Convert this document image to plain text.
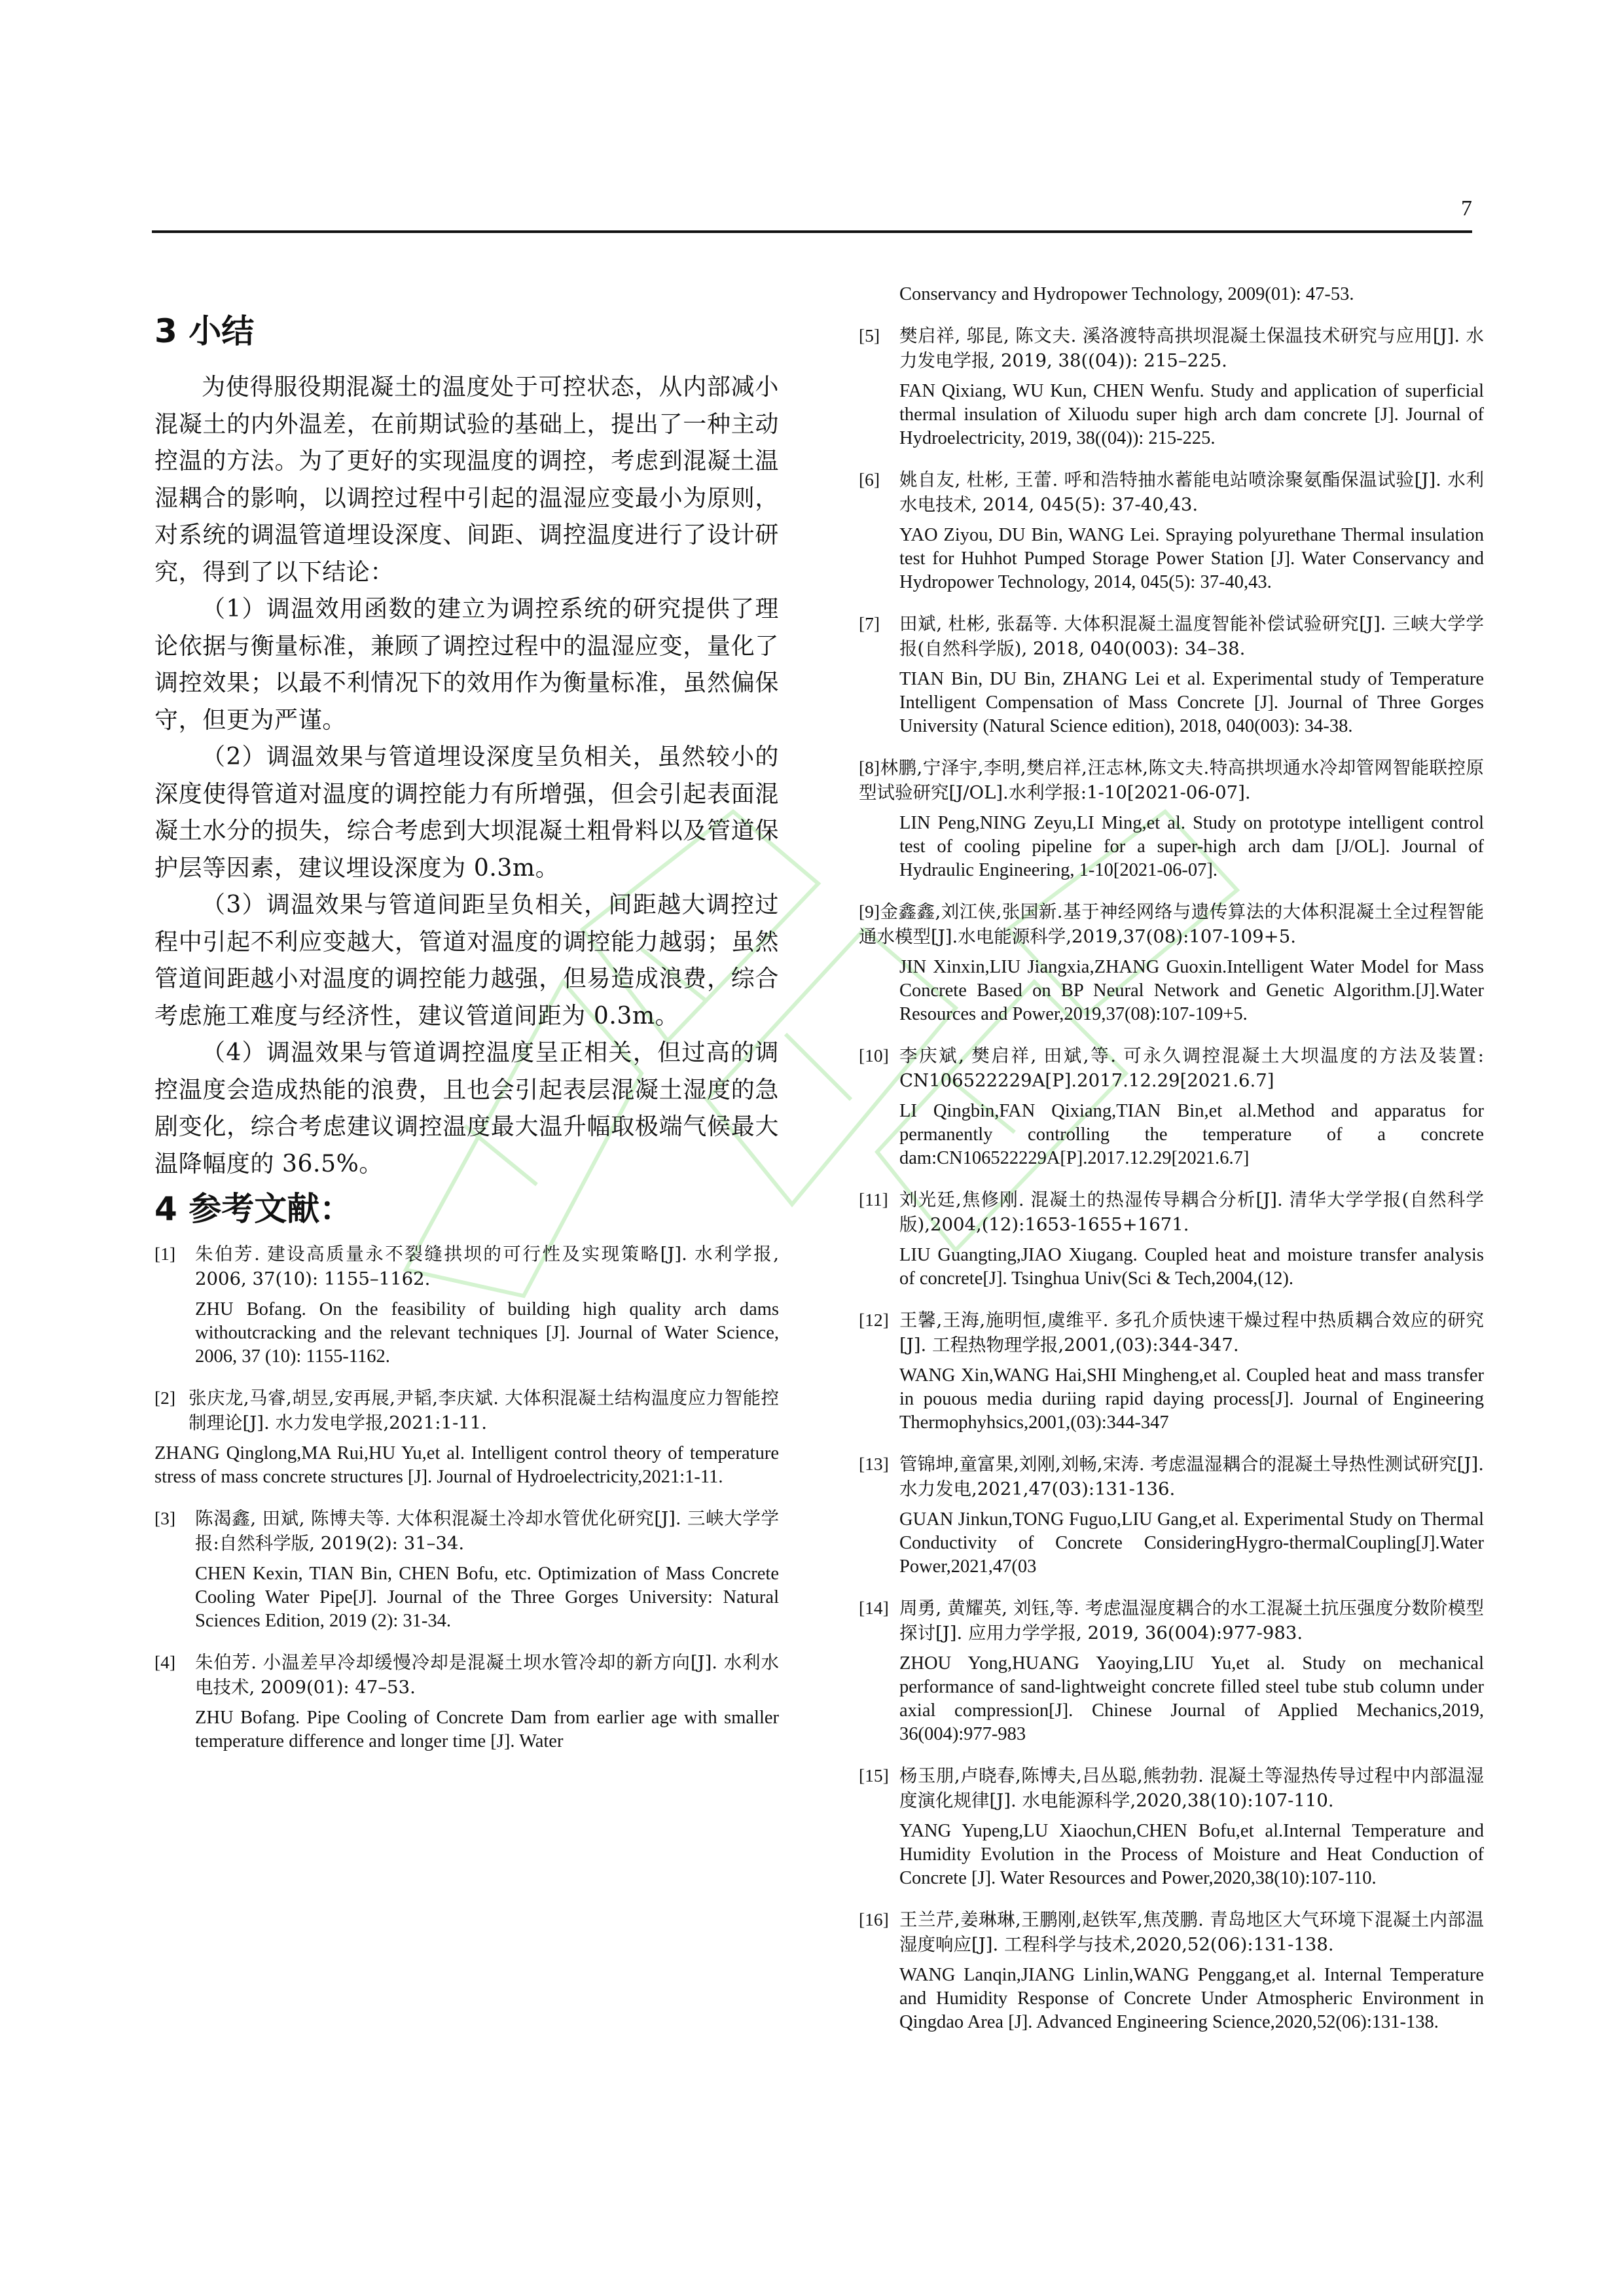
7
3 小结

为使得服役期混凝土的温度处于可控状态，从内部减小混凝土的内外温差，在前期试验的基础上，提出了一种主动控温的方法。为了更好的实现温度的调控，考虑到混凝土温湿耦合的影响，以调控过程中引起的温湿应变最小为原则，对系统的调温管道埋设深度、间距、调控温度进行了设计研究，得到了以下结论：

（1）调温效用函数的建立为调控系统的研究提供了理论依据与衡量标准，兼顾了调控过程中的温湿应变，量化了调控效果；以最不利情况下的效用作为衡量标准，虽然偏保守，但更为严谨。

（2）调温效果与管道埋设深度呈负相关，虽然较小的深度使得管道对温度的调控能力有所增强，但会引起表面混凝土水分的损失，综合考虑到大坝混凝土粗骨料以及管道保护层等因素，建议埋设深度为 0.3m。

（3）调温效果与管道间距呈负相关，间距越大调控过程中引起不利应变越大，管道对温度的调控能力越弱；虽然管道间距越小对温度的调控能力越强，但易造成浪费，综合考虑施工难度与经济性，建议管道间距为 0.3m。

（4）调温效果与管道调控温度呈正相关，但过高的调控温度会造成热能的浪费，且也会引起表层混凝土湿度的急剧变化，综合考虑建议调控温度最大温升幅取极端气候最大温降幅度的 36.5%。

4 参考文献：
[1] 朱伯芳. 建设高质量永不裂缝拱坝的可行性及实现策略[J]. 水利学报, 2006, 37(10): 1155–1162.
ZHU Bofang. On the feasibility of building high quality arch dams withoutcracking and the relevant techniques [J]. Journal of Water Science, 2006, 37 (10): 1155-1162.
[2] 张庆龙,马睿,胡昱,安再展,尹韬,李庆斌. 大体积混凝土结构温度应力智能控制理论[J]. 水力发电学报,2021:1-11.
ZHANG Qinglong,MA Rui,HU Yu,et al. Intelligent control theory of temperature stress of mass concrete structures [J]. Journal of Hydroelectricity,2021:1-11.
[3] 陈渴鑫, 田斌, 陈博夫等. 大体积混凝土冷却水管优化研究[J]. 三峡大学学报:自然科学版, 2019(2): 31–34.
CHEN Kexin, TIAN Bin, CHEN Bofu, etc. Optimization of Mass Concrete Cooling Water Pipe[J]. Journal of the Three Gorges University: Natural Sciences Edition, 2019 (2): 31-34.
[4] 朱伯芳. 小温差早冷却缓慢冷却是混凝土坝水管冷却的新方向[J]. 水利水电技术, 2009(01): 47–53.
ZHU Bofang. Pipe Cooling of Concrete Dam from earlier age with smaller temperature difference and longer time [J]. Water
Conservancy and Hydropower Technology, 2009(01): 47-53.
[5] 樊启祥, 邬昆, 陈文夫. 溪洛渡特高拱坝混凝土保温技术研究与应用[J]. 水力发电学报, 2019, 38((04)): 215–225.
FAN Qixiang, WU Kun, CHEN Wenfu. Study and application of superficial thermal insulation of Xiluodu super high arch dam concrete [J]. Journal of Hydroelectricity, 2019, 38((04)): 215-225.
[6] 姚自友, 杜彬, 王蕾. 呼和浩特抽水蓄能电站喷涂聚氨酯保温试验[J]. 水利水电技术, 2014, 045(5): 37-40,43.
YAO Ziyou, DU Bin, WANG Lei. Spraying polyurethane Thermal insulation test for Huhhot Pumped Storage Power Station [J]. Water Conservancy and Hydropower Technology, 2014, 045(5): 37-40,43.
[7] 田斌, 杜彬, 张磊等. 大体积混凝土温度智能补偿试验研究[J]. 三峡大学学报(自然科学版), 2018, 040(003): 34–38.
TIAN Bin, DU Bin, ZHANG Lei et al. Experimental study of Temperature Intelligent Compensation of Mass Concrete [J]. Journal of Three Gorges University (Natural Science edition), 2018, 040(003): 34-38.
[8]林鹏,宁泽宇,李明,樊启祥,汪志林,陈文夫.特高拱坝通水冷却管网智能联控原型试验研究[J/OL].水利学报:1-10[2021-06-07].
LIN Peng,NING Zeyu,LI Ming,et al. Study on prototype intelligent control test of cooling pipeline for a super-high arch dam [J/OL]. Journal of Hydraulic Engineering, 1-10[2021-06-07].
[9]金鑫鑫,刘江侠,张国新.基于神经网络与遗传算法的大体积混凝土全过程智能通水模型[J].水电能源科学,2019,37(08):107-109+5.
JIN Xinxin,LIU Jiangxia,ZHANG Guoxin.Intelligent Water Model for Mass Concrete Based on BP Neural Network and Genetic Algorithm.[J].Water Resources and Power,2019,37(08):107-109+5.
[10] 李庆斌, 樊启祥, 田斌,等. 可永久调控混凝土大坝温度的方法及装置: CN106522229A[P].2017.12.29[2021.6.7]
LI Qingbin,FAN Qixiang,TIAN Bin,et al.Method and apparatus for permanently controlling the temperature of a concrete dam:CN106522229A[P].2017.12.29[2021.6.7]
[11] 刘光廷,焦修刚. 混凝土的热湿传导耦合分析[J]. 清华大学学报(自然科学版),2004,(12):1653-1655+1671.
LIU Guangting,JIAO Xiugang. Coupled heat and moisture transfer analysis of concrete[J]. Tsinghua Univ(Sci & Tech,2004,(12).
[12] 王馨,王海,施明恒,虞维平. 多孔介质快速干燥过程中热质耦合效应的研究[J]. 工程热物理学报,2001,(03):344-347.
WANG Xin,WANG Hai,SHI Mingheng,et al. Coupled heat and mass transfer in pouous media duriing rapid daying process[J]. Journal of Engineering Thermophyhsics,2001,(03):344-347
[13] 管锦坤,童富果,刘刚,刘畅,宋涛. 考虑温湿耦合的混凝土导热性测试研究[J]. 水力发电,2021,47(03):131-136.
GUAN Jinkun,TONG Fuguo,LIU Gang,et al. Experimental Study on Thermal Conductivity of Concrete ConsideringHygro-thermalCoupling[J].Water Power,2021,47(03
[14] 周勇, 黄耀英, 刘钰,等. 考虑温湿度耦合的水工混凝土抗压强度分数阶模型探讨[J]. 应用力学学报, 2019, 36(004):977-983.
ZHOU Yong,HUANG Yaoying,LIU Yu,et al. Study on mechanical performance of sand-lightweight concrete filled steel tube stub column under axial compression[J]. Chinese Journal of Applied Mechanics,2019, 36(004):977-983
[15] 杨玉朋,卢晓春,陈博夫,吕丛聪,熊勃勃. 混凝土等湿热传导过程中内部温湿度演化规律[J]. 水电能源科学,2020,38(10):107-110.
YANG Yupeng,LU Xiaochun,CHEN Bofu,et al.Internal Temperature and Humidity Evolution in the Process of Moisture and Heat Conduction of Concrete [J]. Water Resources and Power,2020,38(10):107-110.
[16] 王兰芹,姜琳琳,王鹏刚,赵铁军,焦茂鹏. 青岛地区大气环境下混凝土内部温湿度响应[J]. 工程科学与技术,2020,52(06):131-138.
WANG Lanqin,JIANG Linlin,WANG Penggang,et al. Internal Temperature and Humidity Response of Concrete Under Atmospheric Environment in Qingdao Area [J]. Advanced Engineering Science,2020,52(06):131-138.
